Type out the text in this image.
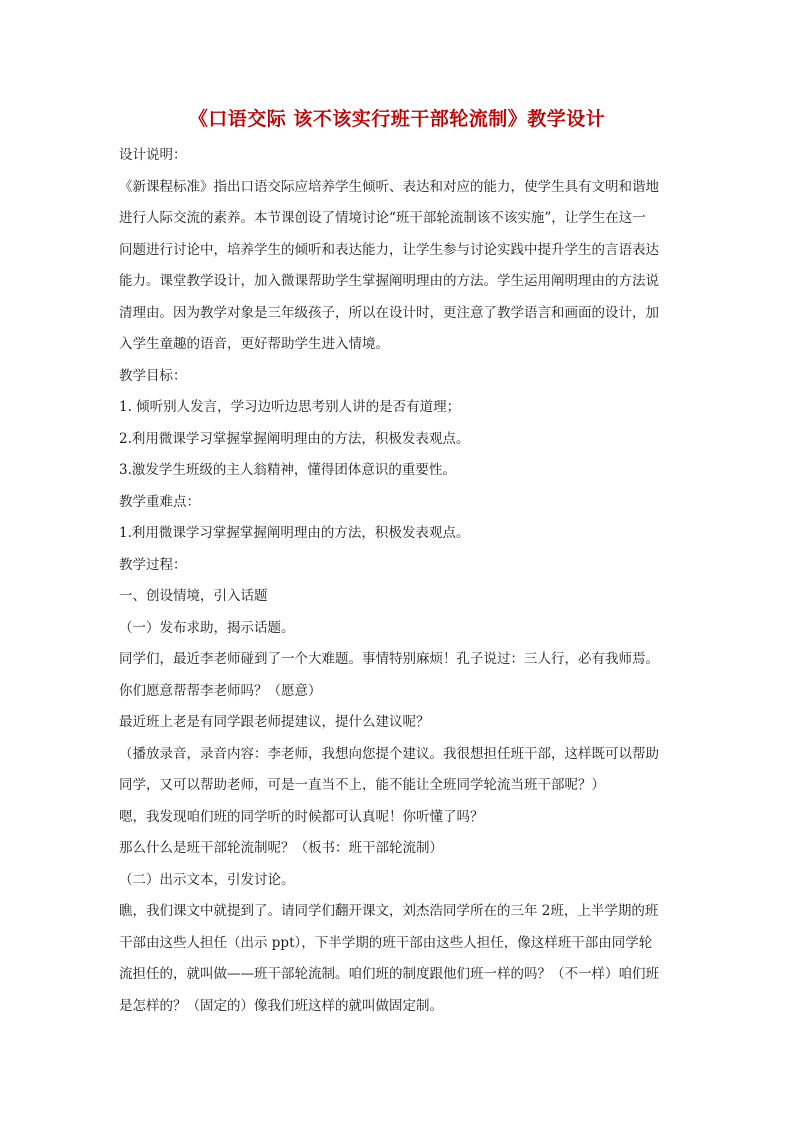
《口语交际 该不该实行班干部轮流制》教学设计

设计说明：

《新课程标准》指出口语交际应培养学生倾听、表达和对应的能力，使学生具有文明和谐地

进行人际交流的素养。本节课创设了情境讨论“班干部轮流制该不该实施”，让学生在这一

问题进行讨论中，培养学生的倾听和表达能力，让学生参与讨论实践中提升学生的言语表达

能力。课堂教学设计，加入微课帮助学生掌握阐明理由的方法。学生运用阐明理由的方法说

清理由。因为教学对象是三年级孩子，所以在设计时，更注意了教学语言和画面的设计，加

入学生童趣的语音，更好帮助学生进入情境。

教学目标：

1. 倾听别人发言，学习边听边思考别人讲的是否有道理；

2.利用微课学习掌握掌握阐明理由的方法，积极发表观点。

3.激发学生班级的主人翁精神，懂得团体意识的重要性。

教学重难点：

1.利用微课学习掌握掌握阐明理由的方法，积极发表观点。

教学过程：

一、创设情境，引入话题

（一）发布求助，揭示话题。

同学们，最近李老师碰到了一个大难题。事情特别麻烦！孔子说过：三人行，必有我师焉。

你们愿意帮帮李老师吗？（愿意）

最近班上老是有同学跟老师提建议，提什么建议呢？

（播放录音，录音内容：李老师，我想向您提个建议。我很想担任班干部，这样既可以帮助

同学，又可以帮助老师，可是一直当不上，能不能让全班同学轮流当班干部呢？）

嗯，我发现咱们班的同学听的时候都可认真呢！你听懂了吗？

那么什么是班干部轮流制呢？（板书：班干部轮流制）

（二）出示文本，引发讨论。

瞧，我们课文中就提到了。请同学们翻开课文，刘杰浩同学所在的三年 2班，上半学期的班

干部由这些人担任（出示 ppt），下半学期的班干部由这些人担任，像这样班干部由同学轮

流担任的，就叫做——班干部轮流制。咱们班的制度跟他们班一样的吗？（不一样）咱们班

是怎样的？（固定的）像我们班这样的就叫做固定制。
